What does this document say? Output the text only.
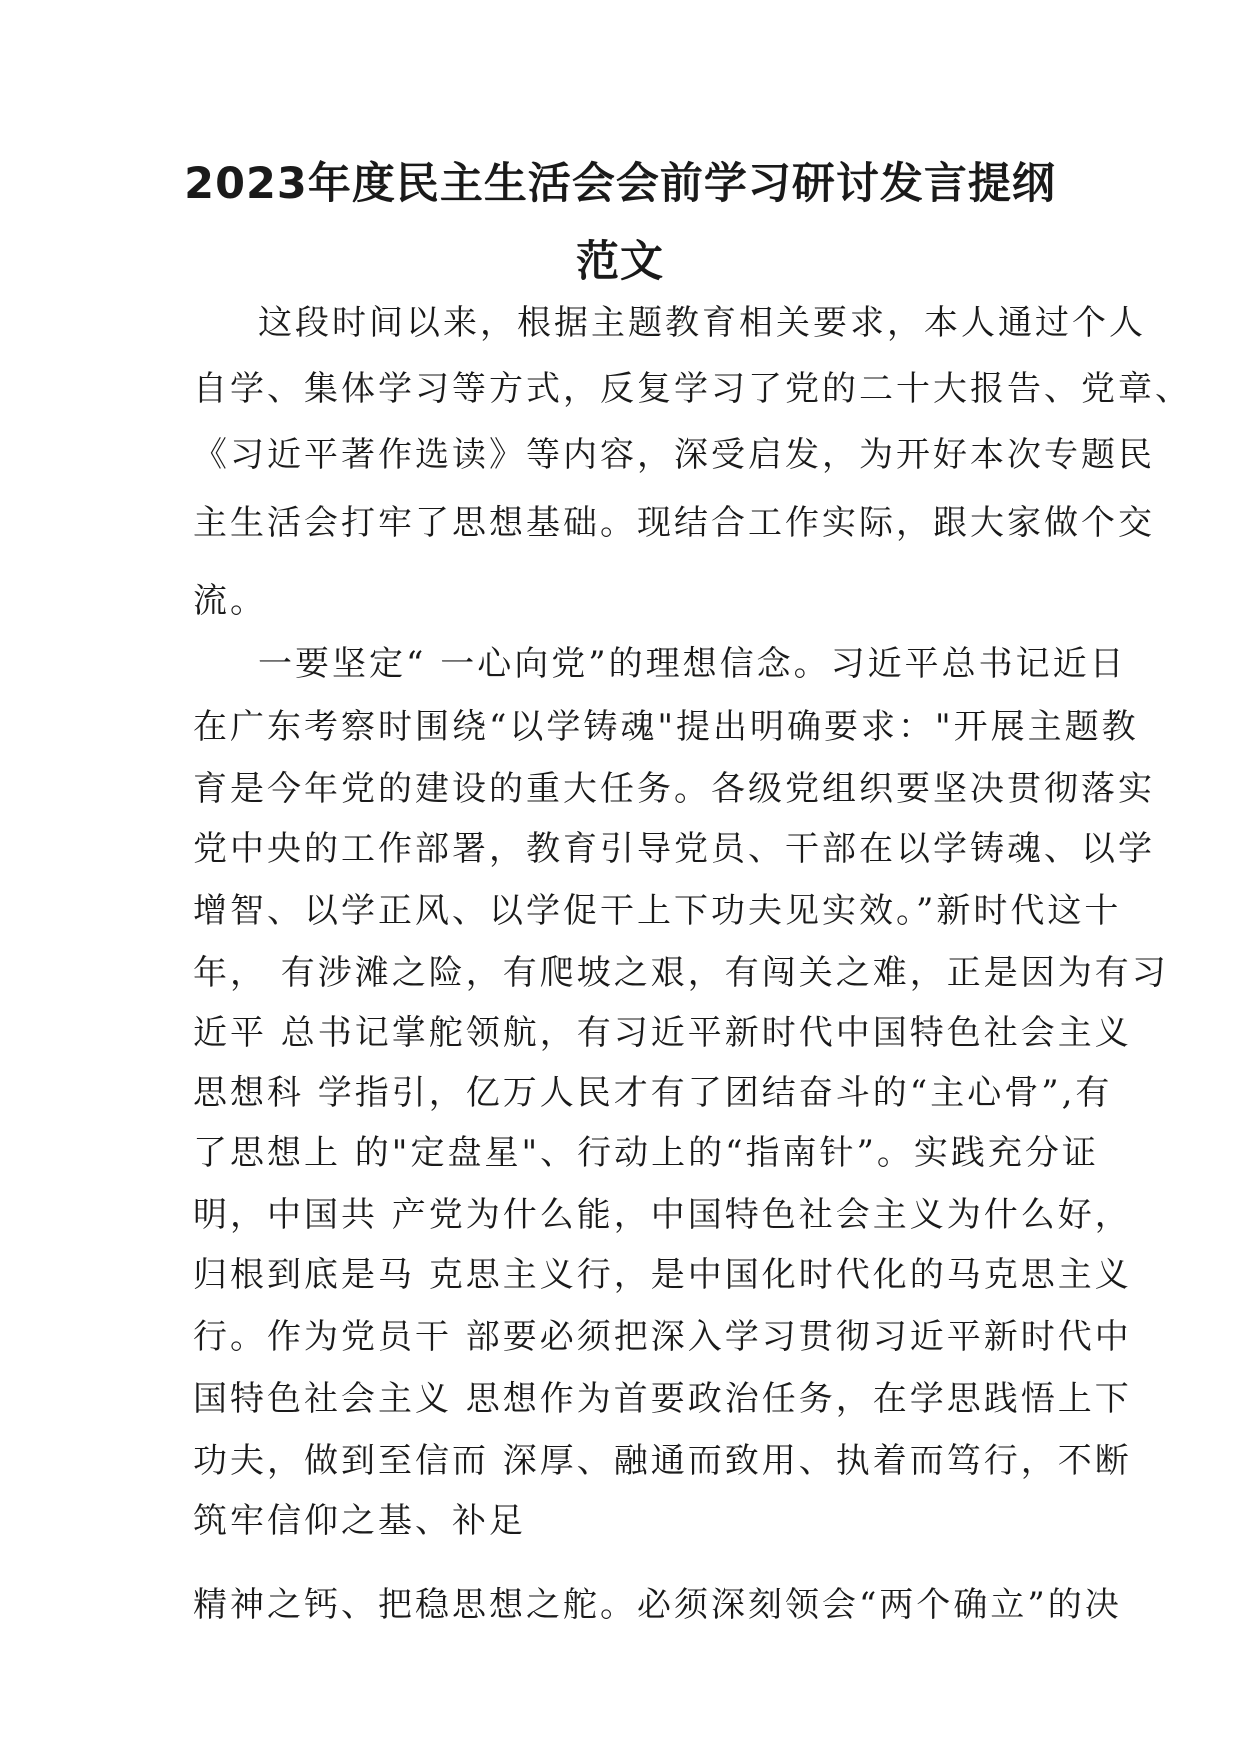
2023年度民主生活会会前学习研讨发言提纲
范文
这段时间以来，根据主题教育相关要求，本人通过个人
自学、集体学习等方式，反复学习了党的二十大报告、党章、
《习近平著作选读》等内容，深受启发，为开好本次专题民
主生活会打牢了思想基础。现结合工作实际，跟大家做个交
流。
一要坚定“ 一心向党”的理想信念。习近平总书记近日
在广东考察时围绕“以学铸魂"提出明确要求："开展主题教
育是今年党的建设的重大任务。各级党组织要坚决贯彻落实
党中央的工作部署，教育引导党员、干部在以学铸魂、以学
增智、以学正风、以学促干上下功夫见实效。”新时代这十
年， 有涉滩之险，有爬坡之艰，有闯关之难，正是因为有习
近平 总书记掌舵领航，有习近平新时代中国特色社会主义
思想科 学指引，亿万人民才有了团结奋斗的“主心骨”,有
了思想上 的"定盘星"、行动上的“指南针”。实践充分证
明，中国共 产党为什么能，中国特色社会主义为什么好，
归根到底是马 克思主义行，是中国化时代化的马克思主义
行。作为党员干 部要必须把深入学习贯彻习近平新时代中
国特色社会主义 思想作为首要政治任务，在学思践悟上下
功夫，做到至信而 深厚、融通而致用、执着而笃行，不断
筑牢信仰之基、补足
精神之钙、把稳思想之舵。必须深刻领会“两个确立”的决
